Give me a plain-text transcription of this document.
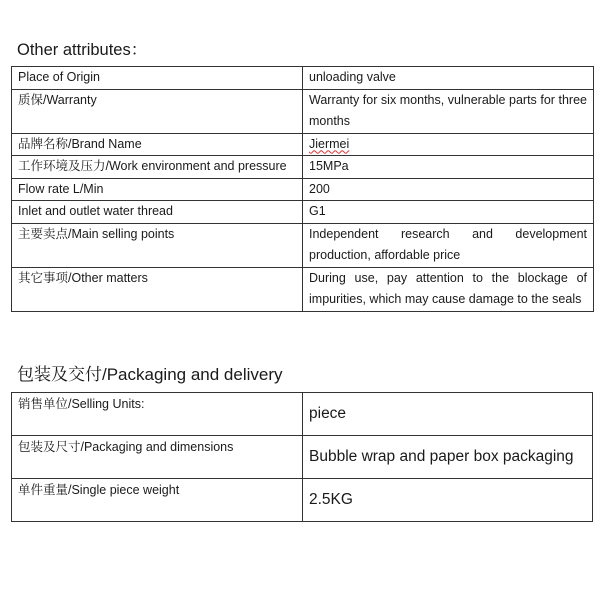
Other attributes：
Place of Origin	unloading valve
质保/Warranty	Warranty for six months, vulnerable parts for three months
品牌名称/Brand Name	Jiermei
工作环境及压力/Work environment and pressure	15MPa
Flow rate L/Min	200
Inlet and outlet water thread	G1
主要卖点/Main selling points	Independent research and development production, affordable price
其它事项/Other matters	During use, pay attention to the blockage of impurities, which may cause damage to the seals
包装及交付/Packaging and delivery
销售单位/Selling Units:	piece
包装及尺寸/Packaging and dimensions	Bubble wrap and paper box packaging
单件重量/Single piece weight	2.5KG
